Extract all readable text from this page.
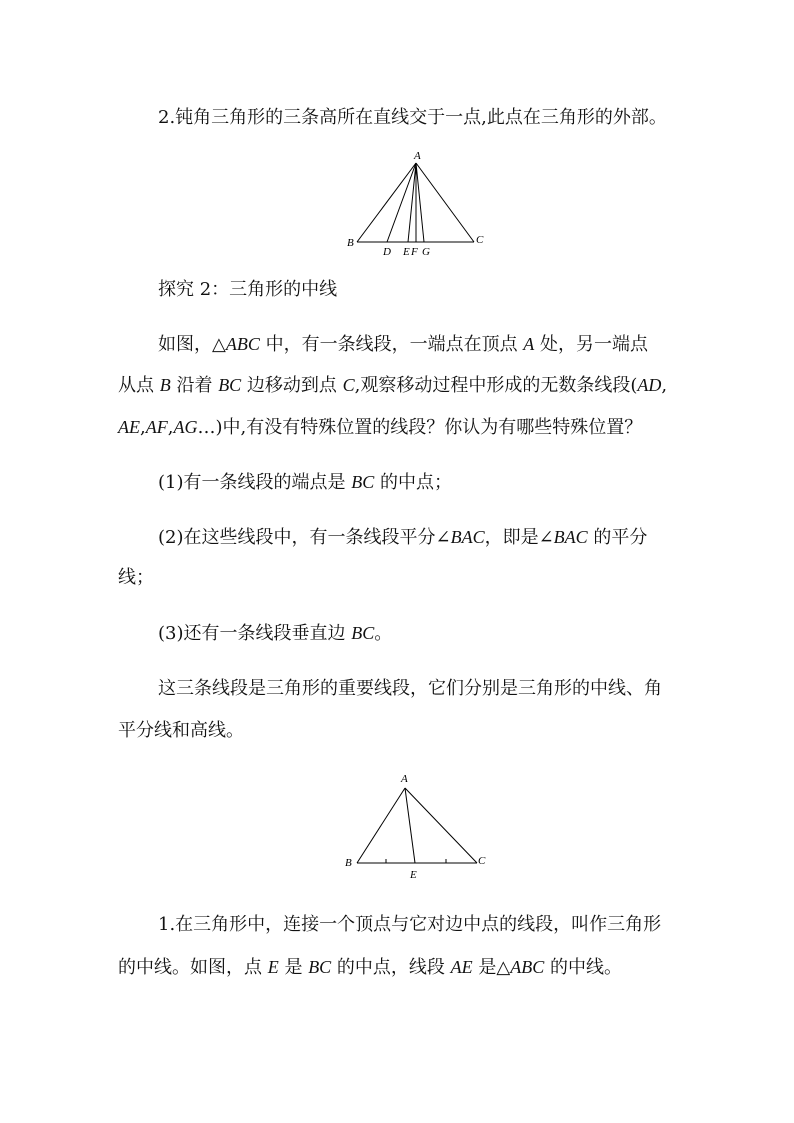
2.钝角三角形的三条高所在直线交于一点,此点在三角形的外部。
A
B	C
D E F G
探究 2：三角形的中线
如图，△ABC 中，有一条线段，一端点在顶点 A 处，另一端点
从点 B 沿着 BC 边移动到点 C,观察移动过程中形成的无数条线段(AD,
AE,AF,AG…)中,有没有特殊位置的线段？你认为有哪些特殊位置？
(1)有一条线段的端点是 BC 的中点；
(2)在这些线段中，有一条线段平分∠BAC，即是∠BAC 的平分
线；
(3)还有一条线段垂直边 BC。
这三条线段是三角形的重要线段，它们分别是三角形的中线、角
平分线和高线。
A
B	C
E
1.在三角形中，连接一个顶点与它对边中点的线段，叫作三角形
的中线。如图，点 E 是 BC 的中点，线段 AE 是△ABC 的中线。
